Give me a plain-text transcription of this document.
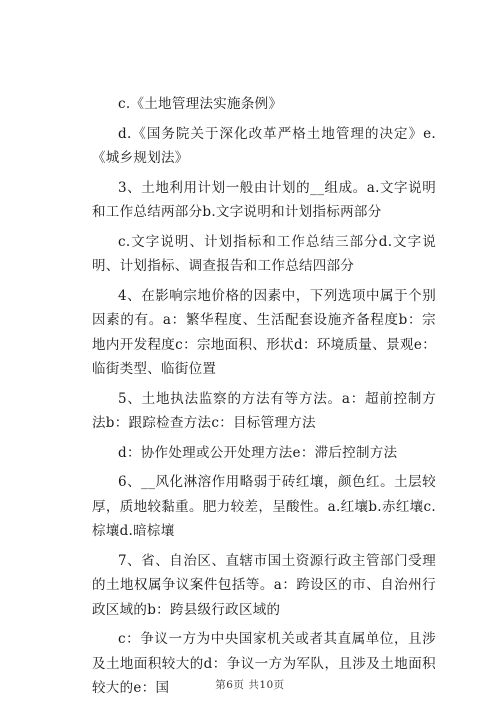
c.《土地管理法实施条例》

d.《国务院关于深化改革严格土地管理的决定》e.《城乡规划法》

3、土地利用计划一般由计划的__组成。a.文字说明和工作总结两部分b.文字说明和计划指标两部分

c.文字说明、计划指标和工作总结三部分d.文字说明、计划指标、调查报告和工作总结四部分

4、在影响宗地价格的因素中，下列选项中属于个别因素的有。a：繁华程度、生活配套设施齐备程度b：宗地内开发程度c：宗地面积、形状d：环境质量、景观e：临街类型、临街位置

5、土地执法监察的方法有等方法。a：超前控制方法b：跟踪检查方法c：目标管理方法

d：协作处理或公开处理方法e：滞后控制方法

6、__风化淋溶作用略弱于砖红壤，颜色红。土层较厚，质地较黏重。肥力较差，呈酸性。a.红壤b.赤红壤c.棕壤d.暗棕壤

7、省、自治区、直辖市国土资源行政主管部门受理的土地权属争议案件包括等。a：跨设区的市、自治州行政区域的b：跨县级行政区域的

c：争议一方为中央国家机关或者其直属单位，且涉及土地面积较大的d：争议一方为军队，且涉及土地面积较大的e：国	第6页 共10页
